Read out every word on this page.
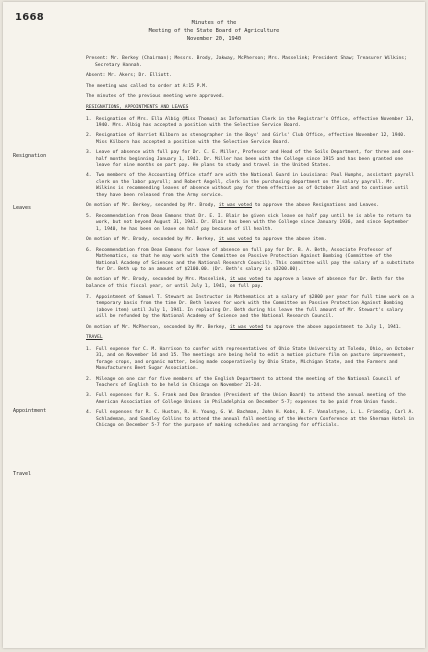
1668	Minutes of the
Meeting of the State Board of Agriculture
November 20, 1940
Resignation
Leaves
Appointment
Travel

Present: Mr. Berkey (Chairman); Messrs. Brody, Jakway, McPherson; Mrs. Masselink; President Shaw; Treasurer Wilkins; Secretary Hannah.

Absent: Mr. Akers; Dr. Elliott.

The meeting was called to order at A:15 P.M.

The minutes of the previous meeting were approved.

RESIGNATIONS, APPOINTMENTS AND LEAVES

1. Resignation of Mrs. Ella Albig (Miss Thomas) as Information Clerk in the Registrar's Office, effective November 13, 1940. Mrs. Albig has accepted a position with the Selective Service Board.

2. Resignation of Harriet Kilborn as stenographer in the Boys' and Girls' Club Office, effective November 12, 1940. Miss Kilborn has accepted a position with the Selective Service Board.

3. Leave of absence with full pay for Dr. C. E. Miller, Professor and Head of the Soils Department, for three and one-half months beginning January 1, 1941. Dr. Miller has been with the College since 1915 and has been granted one leave for nine months on part pay. He plans to study and travel in the United States.

4. Two members of the Accounting Office staff are with the National Guard in Louisiana: Paul Humphs, assistant payroll clerk on the labor payroll; and Robert Angell, clerk in the purchasing department on the salary payroll. Mr. Wilkins is recommending leaves of absence without pay for them effective as of October 31st and to continue until they have been released from the Army service.

On motion of Mr. Berkey, seconded by Mr. Brody, it was voted to approve the above Resignations and Leaves.

5. Recommendation from Dean Emmons that Dr. E. I. Blair be given sick leave on half pay until he is able to return to work, but not beyond August 31, 1941. Dr. Blair has been with the College since January 1936, and since September 1, 1940, he has been on leave on half pay because of ill health.

On motion of Mr. Brody, seconded by Mr. Berkey, it was voted to approve the above item.

6. Recommendation from Dean Emmons for leave of absence on full pay for Dr. B. A. Beth, Associate Professor of Mathematics, so that he may work with the Committee on Passive Protection Against Bombing (Committee of the National Academy of Sciences and the National Research Council). This committee will pay the salary of a substitute for Dr. Beth up to an amount of $2100.00. (Dr. Beth's salary is $3200.00).

On motion of Mr. Brody, seconded by Mrs. Masselink, it was voted to approve a leave of absence for Dr. Beth for the balance of this fiscal year, or until July 1, 1941, on full pay.

7. Appointment of Samuel T. Stewart as Instructor in Mathematics at a salary of $2800 per year for full time work on a temporary basis from the time Dr. Beth leaves for work with the Committee on Passive Protection Against Bombing (above item) until July 1, 1941. In replacing Dr. Beth during his leave the full amount of Mr. Stewart's salary will be refunded by the National Academy of Science and the National Research Council.

On motion of Mr. McPherson, seconded by Mr. Berkey, it was voted to approve the above appointment to July 1, 1941.

TRAVEL

1. Full expense for C. M. Harrison to confer with representatives of Ohio State University at Toledo, Ohio, on October 31, and on November 14 and 15. The meetings are being held to edit a motion picture film on pasture improvement, forage crops, and organic matter, being made cooperatively by Ohio State, Michigan State, and the Farmers and Manufacturers Beet Sugar Association.

2. Mileage on one car for five members of the English Department to attend the meeting of the National Council of Teachers of English to be held in Chicago on November 21-24.

3. Full expenses for R. S. Frank and Don Brandon (President of the Union Board) to attend the annual meeting of the American Association of College Unions in Philadelphia on December 5-7; expenses to be paid from Union funds.

4. Full expenses for R. C. Huston, R. H. Young, G. W. Bachman, John H. Kobs, B. F. Vanalstyne, L. L. Frimodig, Carl A. Schlademan, and Sandley Collins to attend the annual fall meeting of the Western Conference at the Sherman Hotel in Chicago on December 5-7 for the purpose of making schedules and arranging for officials.
